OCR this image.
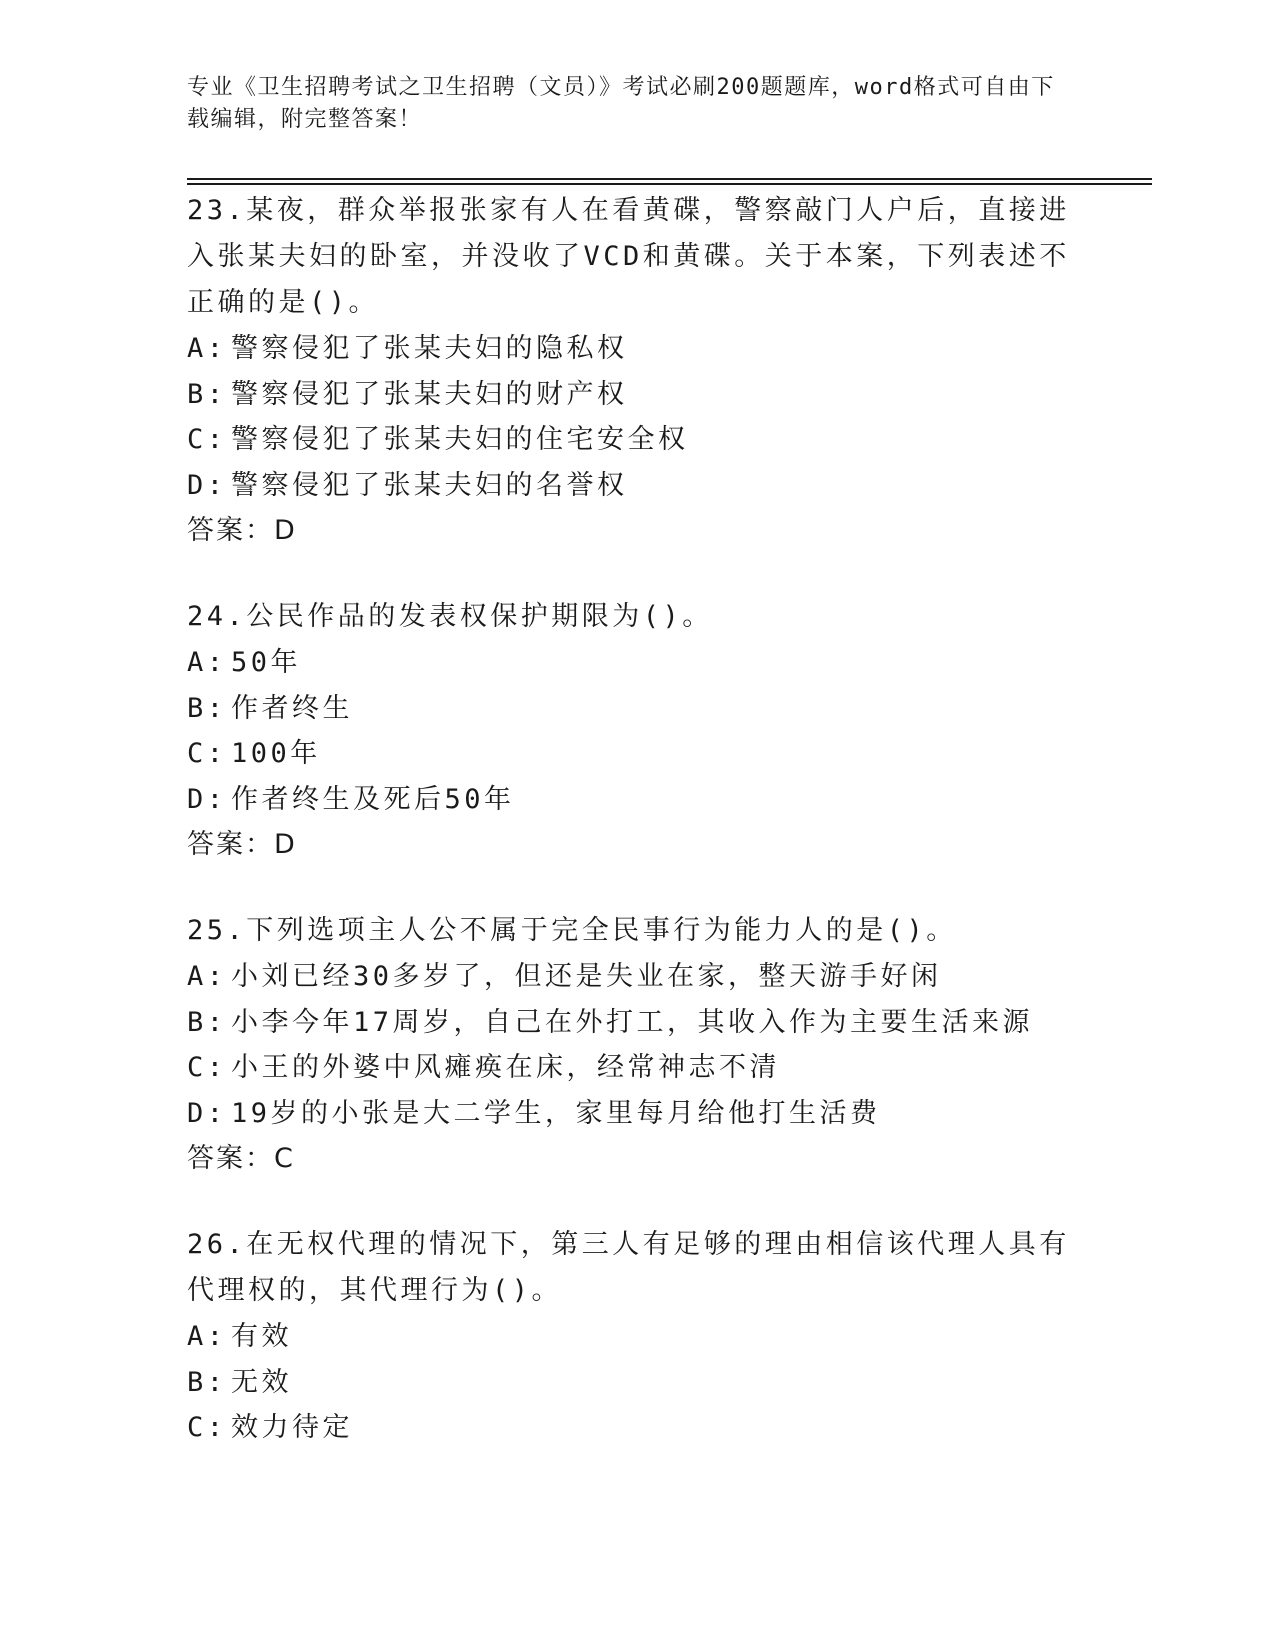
专业《卫生招聘考试之卫生招聘（文员）》考试必刷200题题库，word格式可自由下载编辑，附完整答案！

23.某夜，群众举报张家有人在看黄碟，警察敲门人户后，直接进入张某夫妇的卧室，并没收了VCD和黄碟。关于本案，下列表述不正确的是()。

A: 警察侵犯了张某夫妇的隐私权

B: 警察侵犯了张某夫妇的财产权

C: 警察侵犯了张某夫妇的住宅安全权

D: 警察侵犯了张某夫妇的名誉权

答案：D

24.公民作品的发表权保护期限为()。

A: 50年

B: 作者终生

C: 100年

D: 作者终生及死后50年

答案：D

25.下列选项主人公不属于完全民事行为能力人的是()。

A: 小刘已经30多岁了，但还是失业在家，整天游手好闲

B: 小李今年17周岁，自己在外打工，其收入作为主要生活来源

C: 小王的外婆中风瘫痪在床，经常神志不清

D: 19岁的小张是大二学生，家里每月给他打生活费

答案：C

26.在无权代理的情况下，第三人有足够的理由相信该代理人具有代理权的，其代理行为()。

A: 有效

B: 无效

C: 效力待定
